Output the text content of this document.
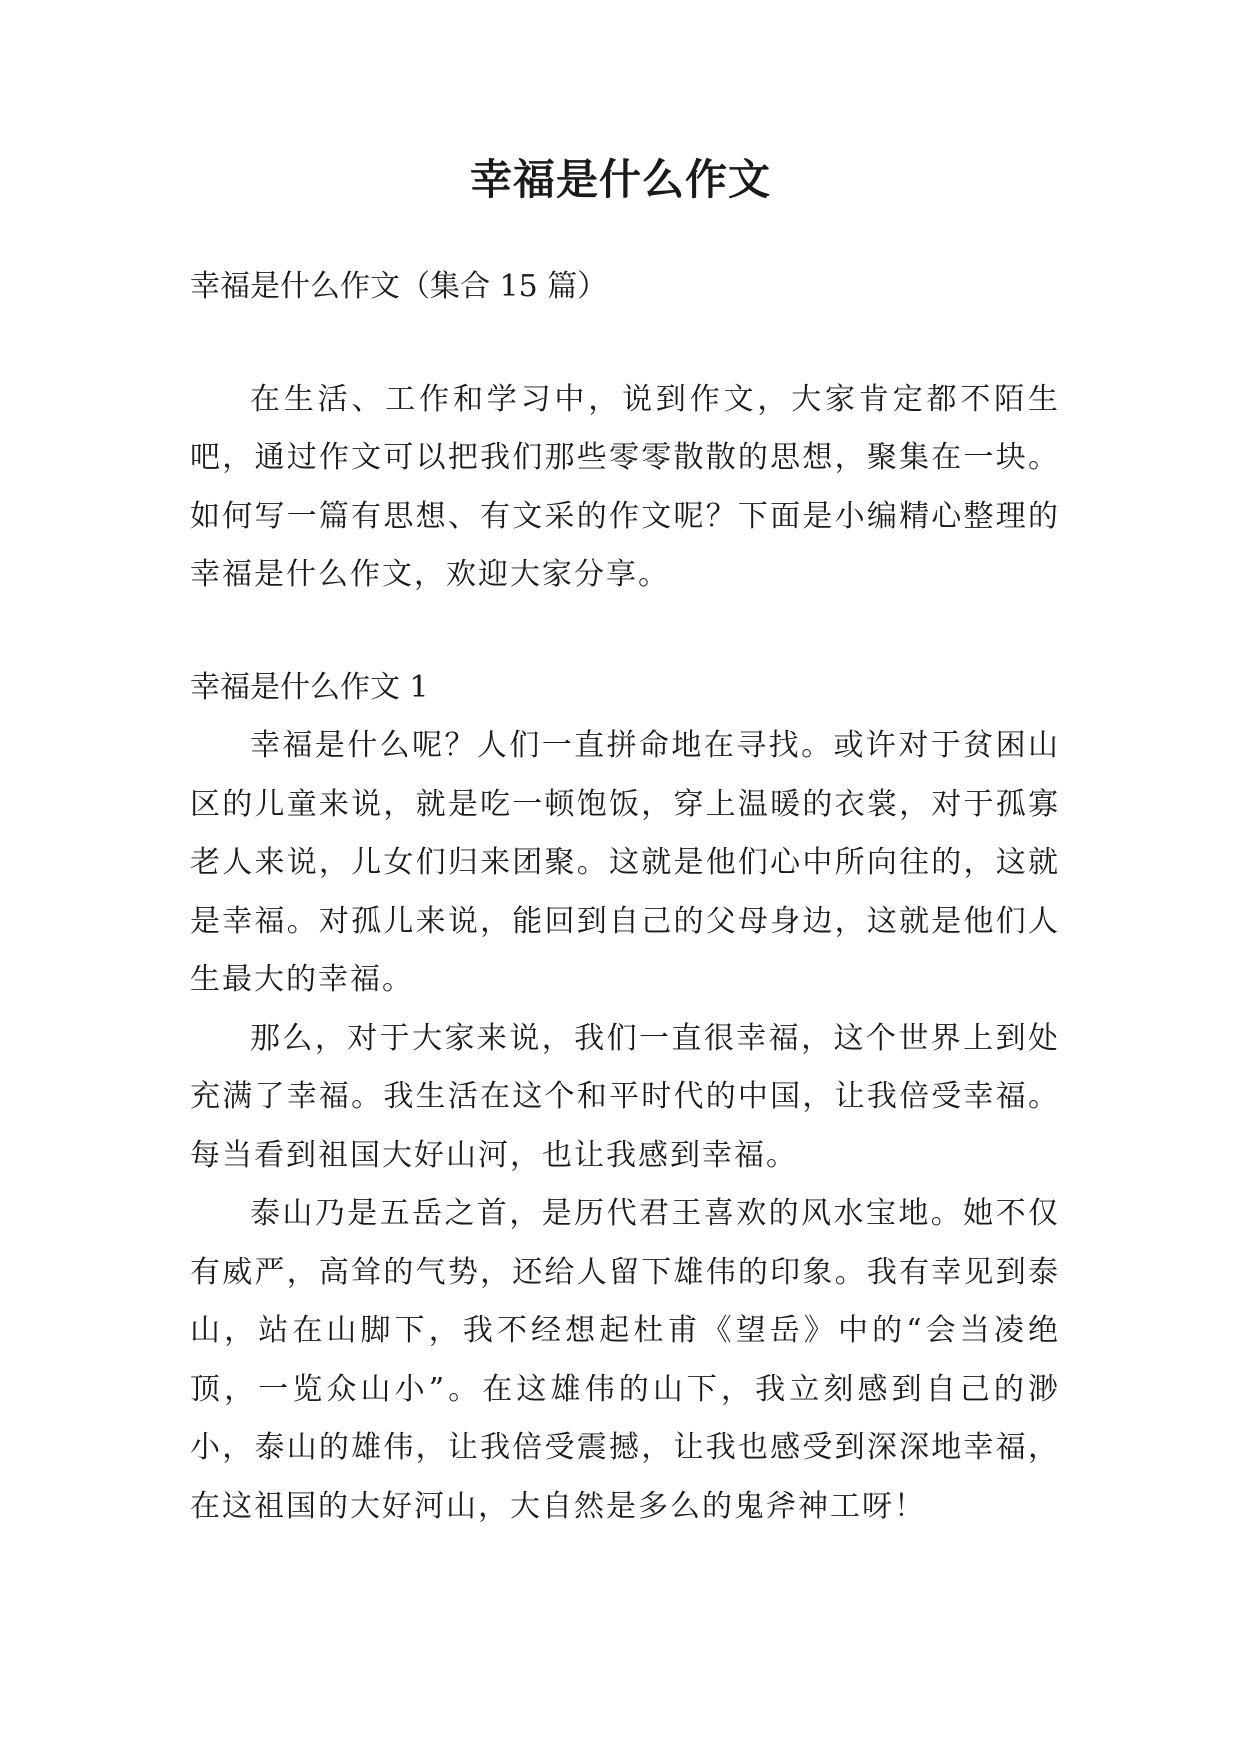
幸福是什么作文

幸福是什么作文（集合 15 篇）

在生活、工作和学习中，说到作文，大家肯定都不陌生吧，通过作文可以把我们那些零零散散的思想，聚集在一块。如何写一篇有思想、有文采的作文呢？下面是小编精心整理的幸福是什么作文，欢迎大家分享。

幸福是什么作文 1

幸福是什么呢？人们一直拼命地在寻找。或许对于贫困山区的儿童来说，就是吃一顿饱饭，穿上温暖的衣裳，对于孤寡老人来说，儿女们归来团聚。这就是他们心中所向往的，这就是幸福。对孤儿来说，能回到自己的父母身边，这就是他们人生最大的幸福。

那么，对于大家来说，我们一直很幸福，这个世界上到处充满了幸福。我生活在这个和平时代的中国，让我倍受幸福。每当看到祖国大好山河，也让我感到幸福。

泰山乃是五岳之首，是历代君王喜欢的风水宝地。她不仅有威严，高耸的气势，还给人留下雄伟的印象。我有幸见到泰山，站在山脚下，我不经想起杜甫《望岳》中的“会当凌绝顶，一览众山小”。在这雄伟的山下，我立刻感到自己的渺小，泰山的雄伟，让我倍受震撼，让我也感受到深深地幸福，在这祖国的大好河山，大自然是多么的鬼斧神工呀！
